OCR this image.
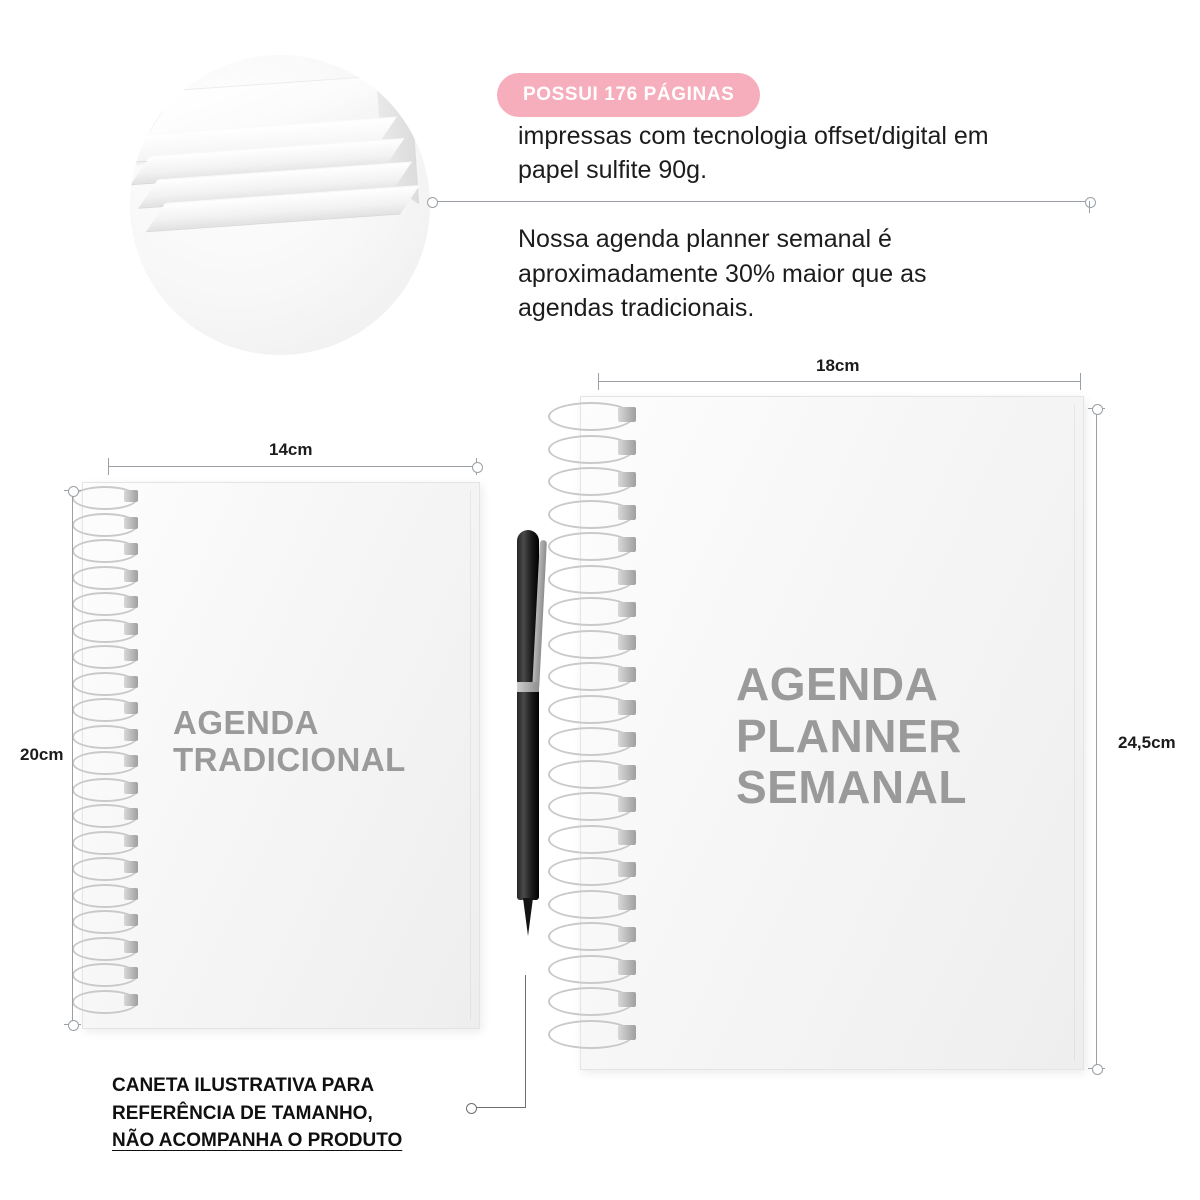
POSSUI 176 PÁGINAS
impressas com tecnologia offset/digital em papel sulfite 90g.
Nossa agenda planner semanal é aproximadamente 30% maior que as agendas tradicionais.
AGENDA
TRADICIONAL
AGENDA
PLANNER
SEMANAL
14cm
20cm
18cm
24,5cm
CANETA ILUSTRATIVA PARA
REFERÊNCIA DE TAMANHO,
NÃO ACOMPANHA O PRODUTO
